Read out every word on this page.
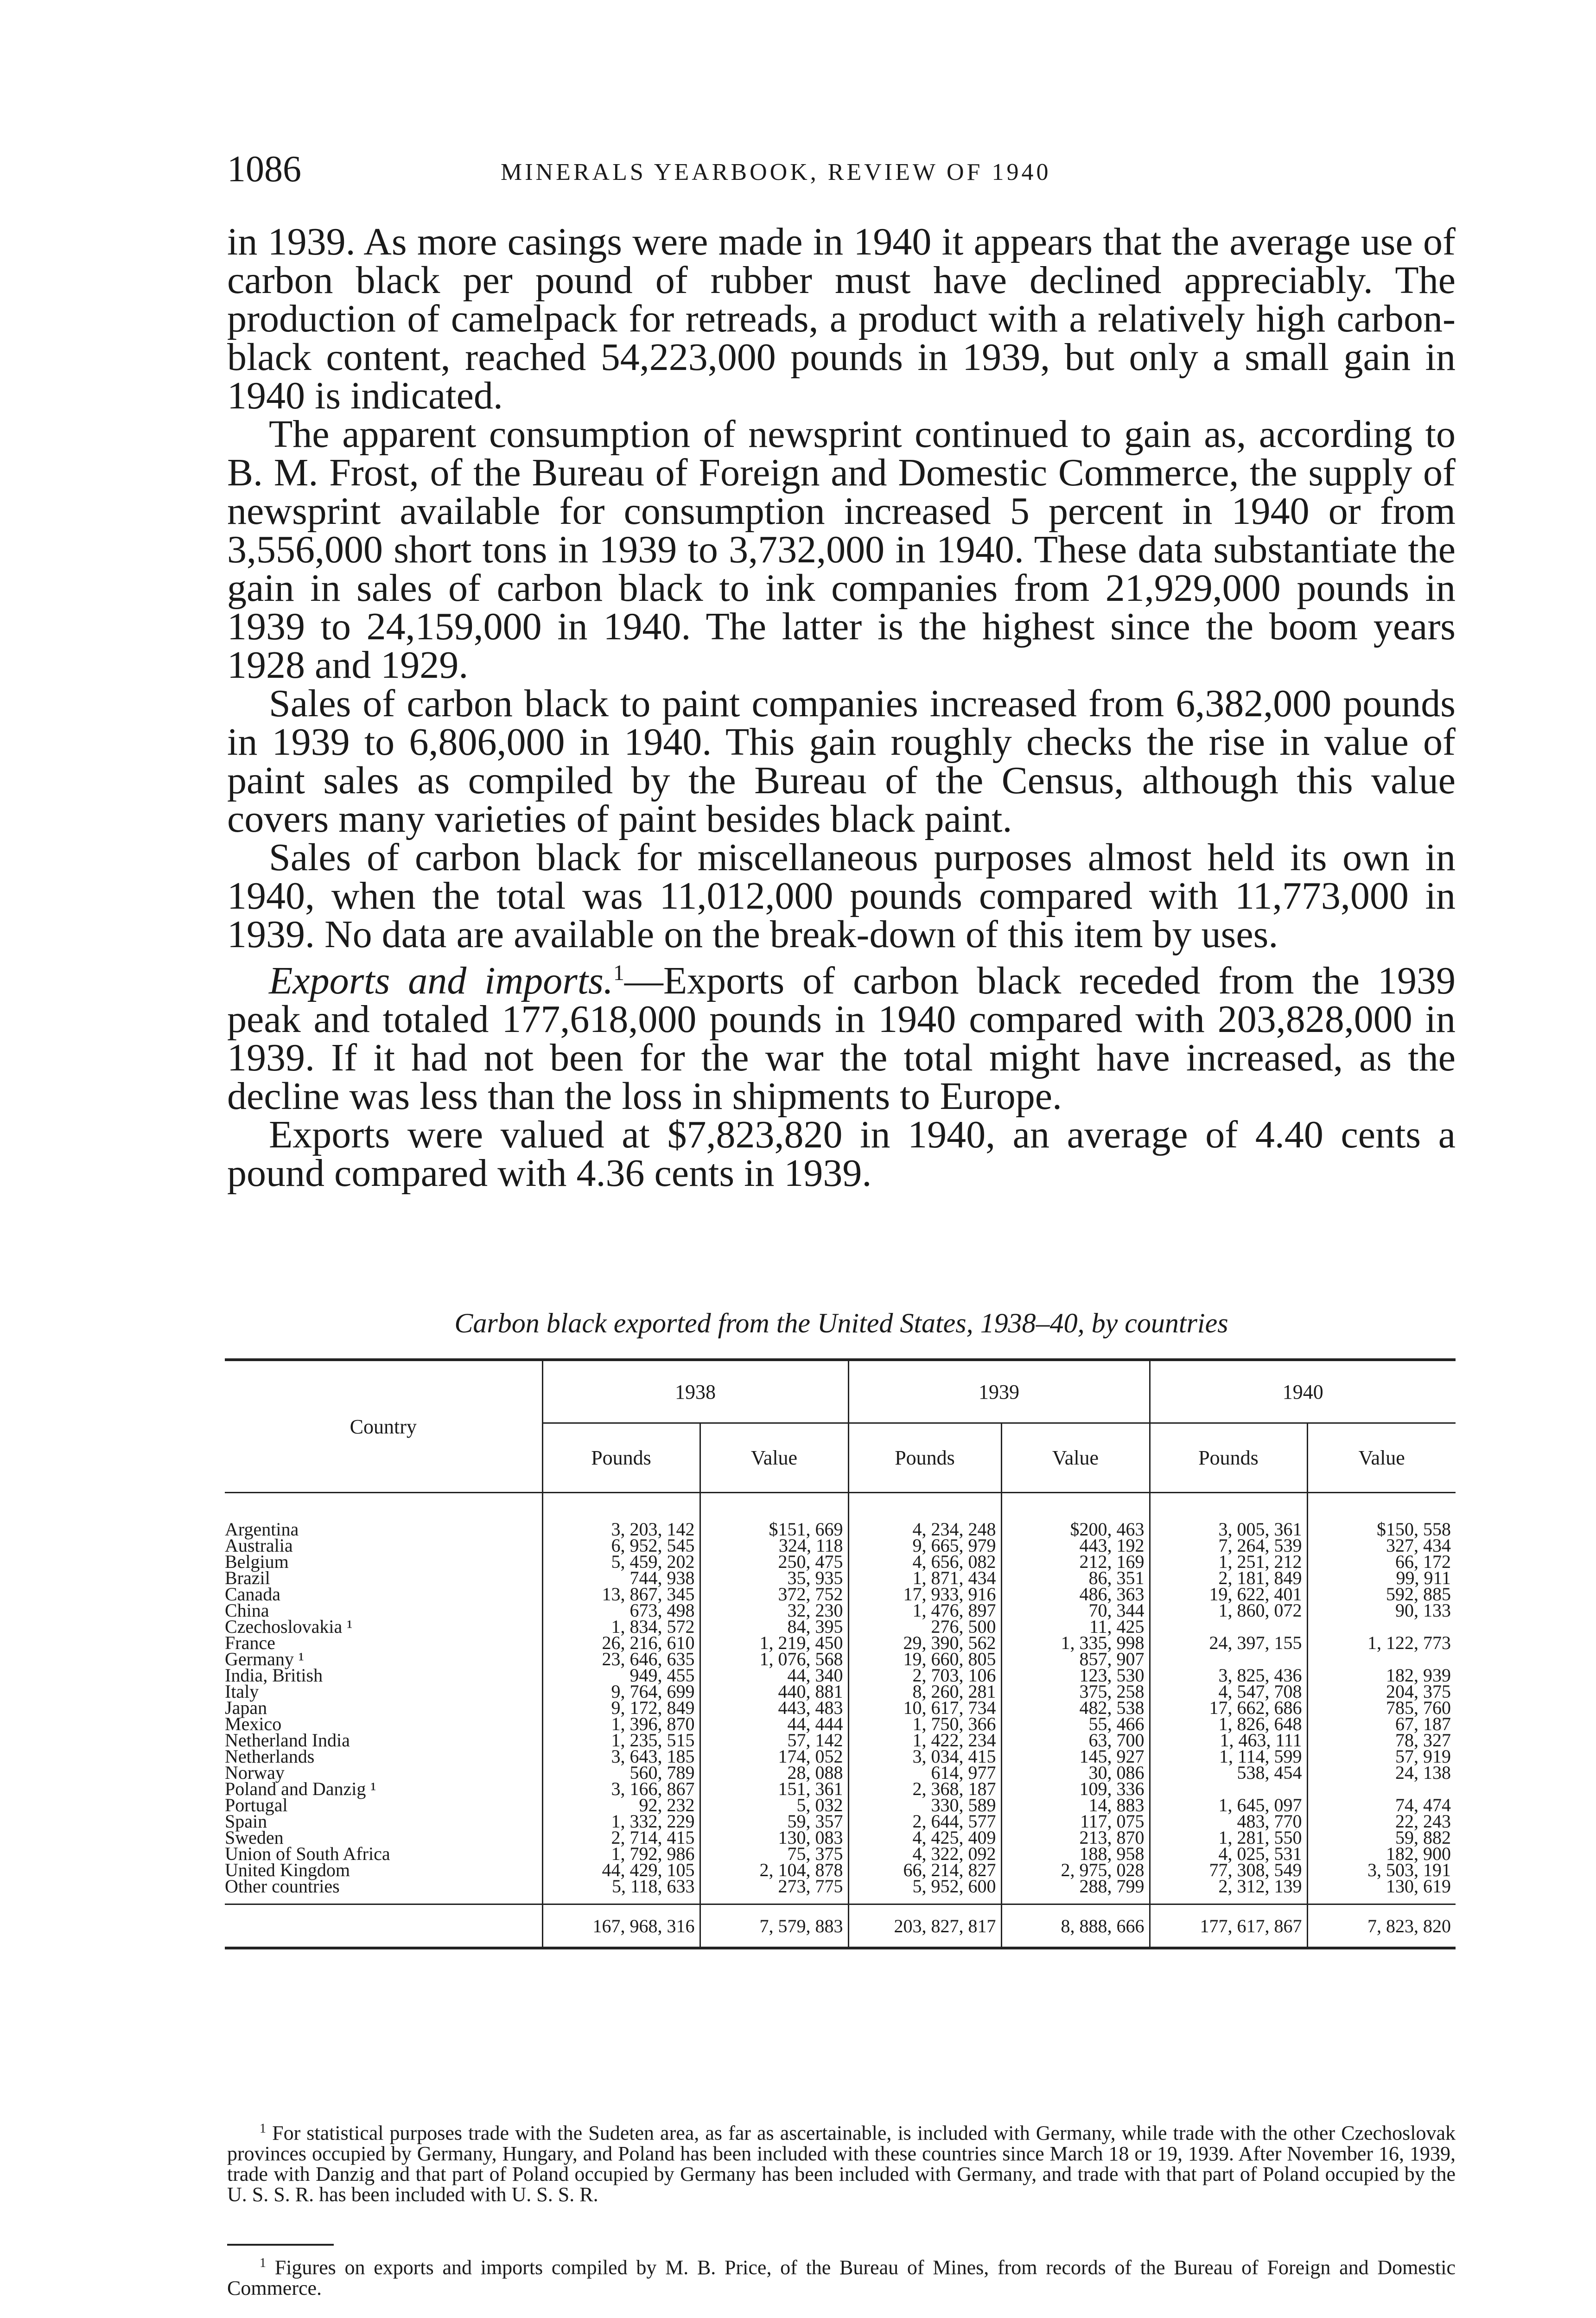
1086	MINERALS YEARBOOK, REVIEW OF 1940

in 1939. As more casings were made in 1940 it appears that the average use of carbon black per pound of rubber must have declined appreciably. The production of camelpack for retreads, a product with a relatively high carbon-black content, reached 54,223,000 pounds in 1939, but only a small gain in 1940 is indicated.

The apparent consumption of newsprint continued to gain as, according to B. M. Frost, of the Bureau of Foreign and Domestic Commerce, the supply of newsprint available for consumption increased 5 percent in 1940 or from 3,556,000 short tons in 1939 to 3,732,000 in 1940. These data substantiate the gain in sales of carbon black to ink companies from 21,929,000 pounds in 1939 to 24,159,000 in 1940. The latter is the highest since the boom years 1928 and 1929.

Sales of carbon black to paint companies increased from 6,382,000 pounds in 1939 to 6,806,000 in 1940. This gain roughly checks the rise in value of paint sales as compiled by the Bureau of the Census, although this value covers many varieties of paint besides black paint.

Sales of carbon black for miscellaneous purposes almost held its own in 1940, when the total was 11,012,000 pounds compared with 11,773,000 in 1939. No data are available on the break-down of this item by uses.

Exports and imports.$^1$—Exports of carbon black receded from the 1939 peak and totaled 177,618,000 pounds in 1940 compared with 203,828,000 in 1939. If it had not been for the war the total might have increased, as the decline was less than the loss in shipments to Europe.

Exports were valued at $7,823,820 in 1940, an average of 4.40 cents a pound compared with 4.36 cents in 1939.

Carbon black exported from the United States, 1938–40, by countries
Country	1938		1939		1940	
	Pounds	Value	Pounds	Value	Pounds	Value
Argentina	3, 203, 142	$151, 669	4, 234, 248	$200, 463	3, 005, 361	$150, 558
Australia	6, 952, 545	324, 118	9, 665, 979	443, 192	7, 264, 539	327, 434
Belgium	5, 459, 202	250, 475	4, 656, 082	212, 169	1, 251, 212	66, 172
Brazil	744, 938	35, 935	1, 871, 434	86, 351	2, 181, 849	99, 911
Canada	13, 867, 345	372, 752	17, 933, 916	486, 363	19, 622, 401	592, 885
China	673, 498	32, 230	1, 476, 897	70, 344	1, 860, 072	90, 133
Czechoslovakia ¹	1, 834, 572	84, 395	276, 500	11, 425		
France	26, 216, 610	1, 219, 450	29, 390, 562	1, 335, 998	24, 397, 155	1, 122, 773
Germany ¹	23, 646, 635	1, 076, 568	19, 660, 805	857, 907		
India, British	949, 455	44, 340	2, 703, 106	123, 530	3, 825, 436	182, 939
Italy	9, 764, 699	440, 881	8, 260, 281	375, 258	4, 547, 708	204, 375
Japan	9, 172, 849	443, 483	10, 617, 734	482, 538	17, 662, 686	785, 760
Mexico	1, 396, 870	44, 444	1, 750, 366	55, 466	1, 826, 648	67, 187
Netherland India	1, 235, 515	57, 142	1, 422, 234	63, 700	1, 463, 111	78, 327
Netherlands	3, 643, 185	174, 052	3, 034, 415	145, 927	1, 114, 599	57, 919
Norway	560, 789	28, 088	614, 977	30, 086	538, 454	24, 138
Poland and Danzig ¹	3, 166, 867	151, 361	2, 368, 187	109, 336		
Portugal	92, 232	5, 032	330, 589	14, 883	1, 645, 097	74, 474
Spain	1, 332, 229	59, 357	2, 644, 577	117, 075	483, 770	22, 243
Sweden	2, 714, 415	130, 083	4, 425, 409	213, 870	1, 281, 550	59, 882
Union of South Africa	1, 792, 986	75, 375	4, 322, 092	188, 958	4, 025, 531	182, 900
United Kingdom	44, 429, 105	2, 104, 878	66, 214, 827	2, 975, 028	77, 308, 549	3, 503, 191
Other countries	5, 118, 633	273, 775	5, 952, 600	288, 799	2, 312, 139	130, 619
	167, 968, 316	7, 579, 883	203, 827, 817	8, 888, 666	177, 617, 867	7, 823, 820

$^1$ For statistical purposes trade with the Sudeten area, as far as ascertainable, is included with Germany, while trade with the other Czechoslovak provinces occupied by Germany, Hungary, and Poland has been included with these countries since March 18 or 19, 1939. After November 16, 1939, trade with Danzig and that part of Poland occupied by Germany has been included with Germany, and trade with that part of Poland occupied by the U. S. S. R. has been included with U. S. S. R.

$^1$ Figures on exports and imports compiled by M. B. Price, of the Bureau of Mines, from records of the Bureau of Foreign and Domestic Commerce.
